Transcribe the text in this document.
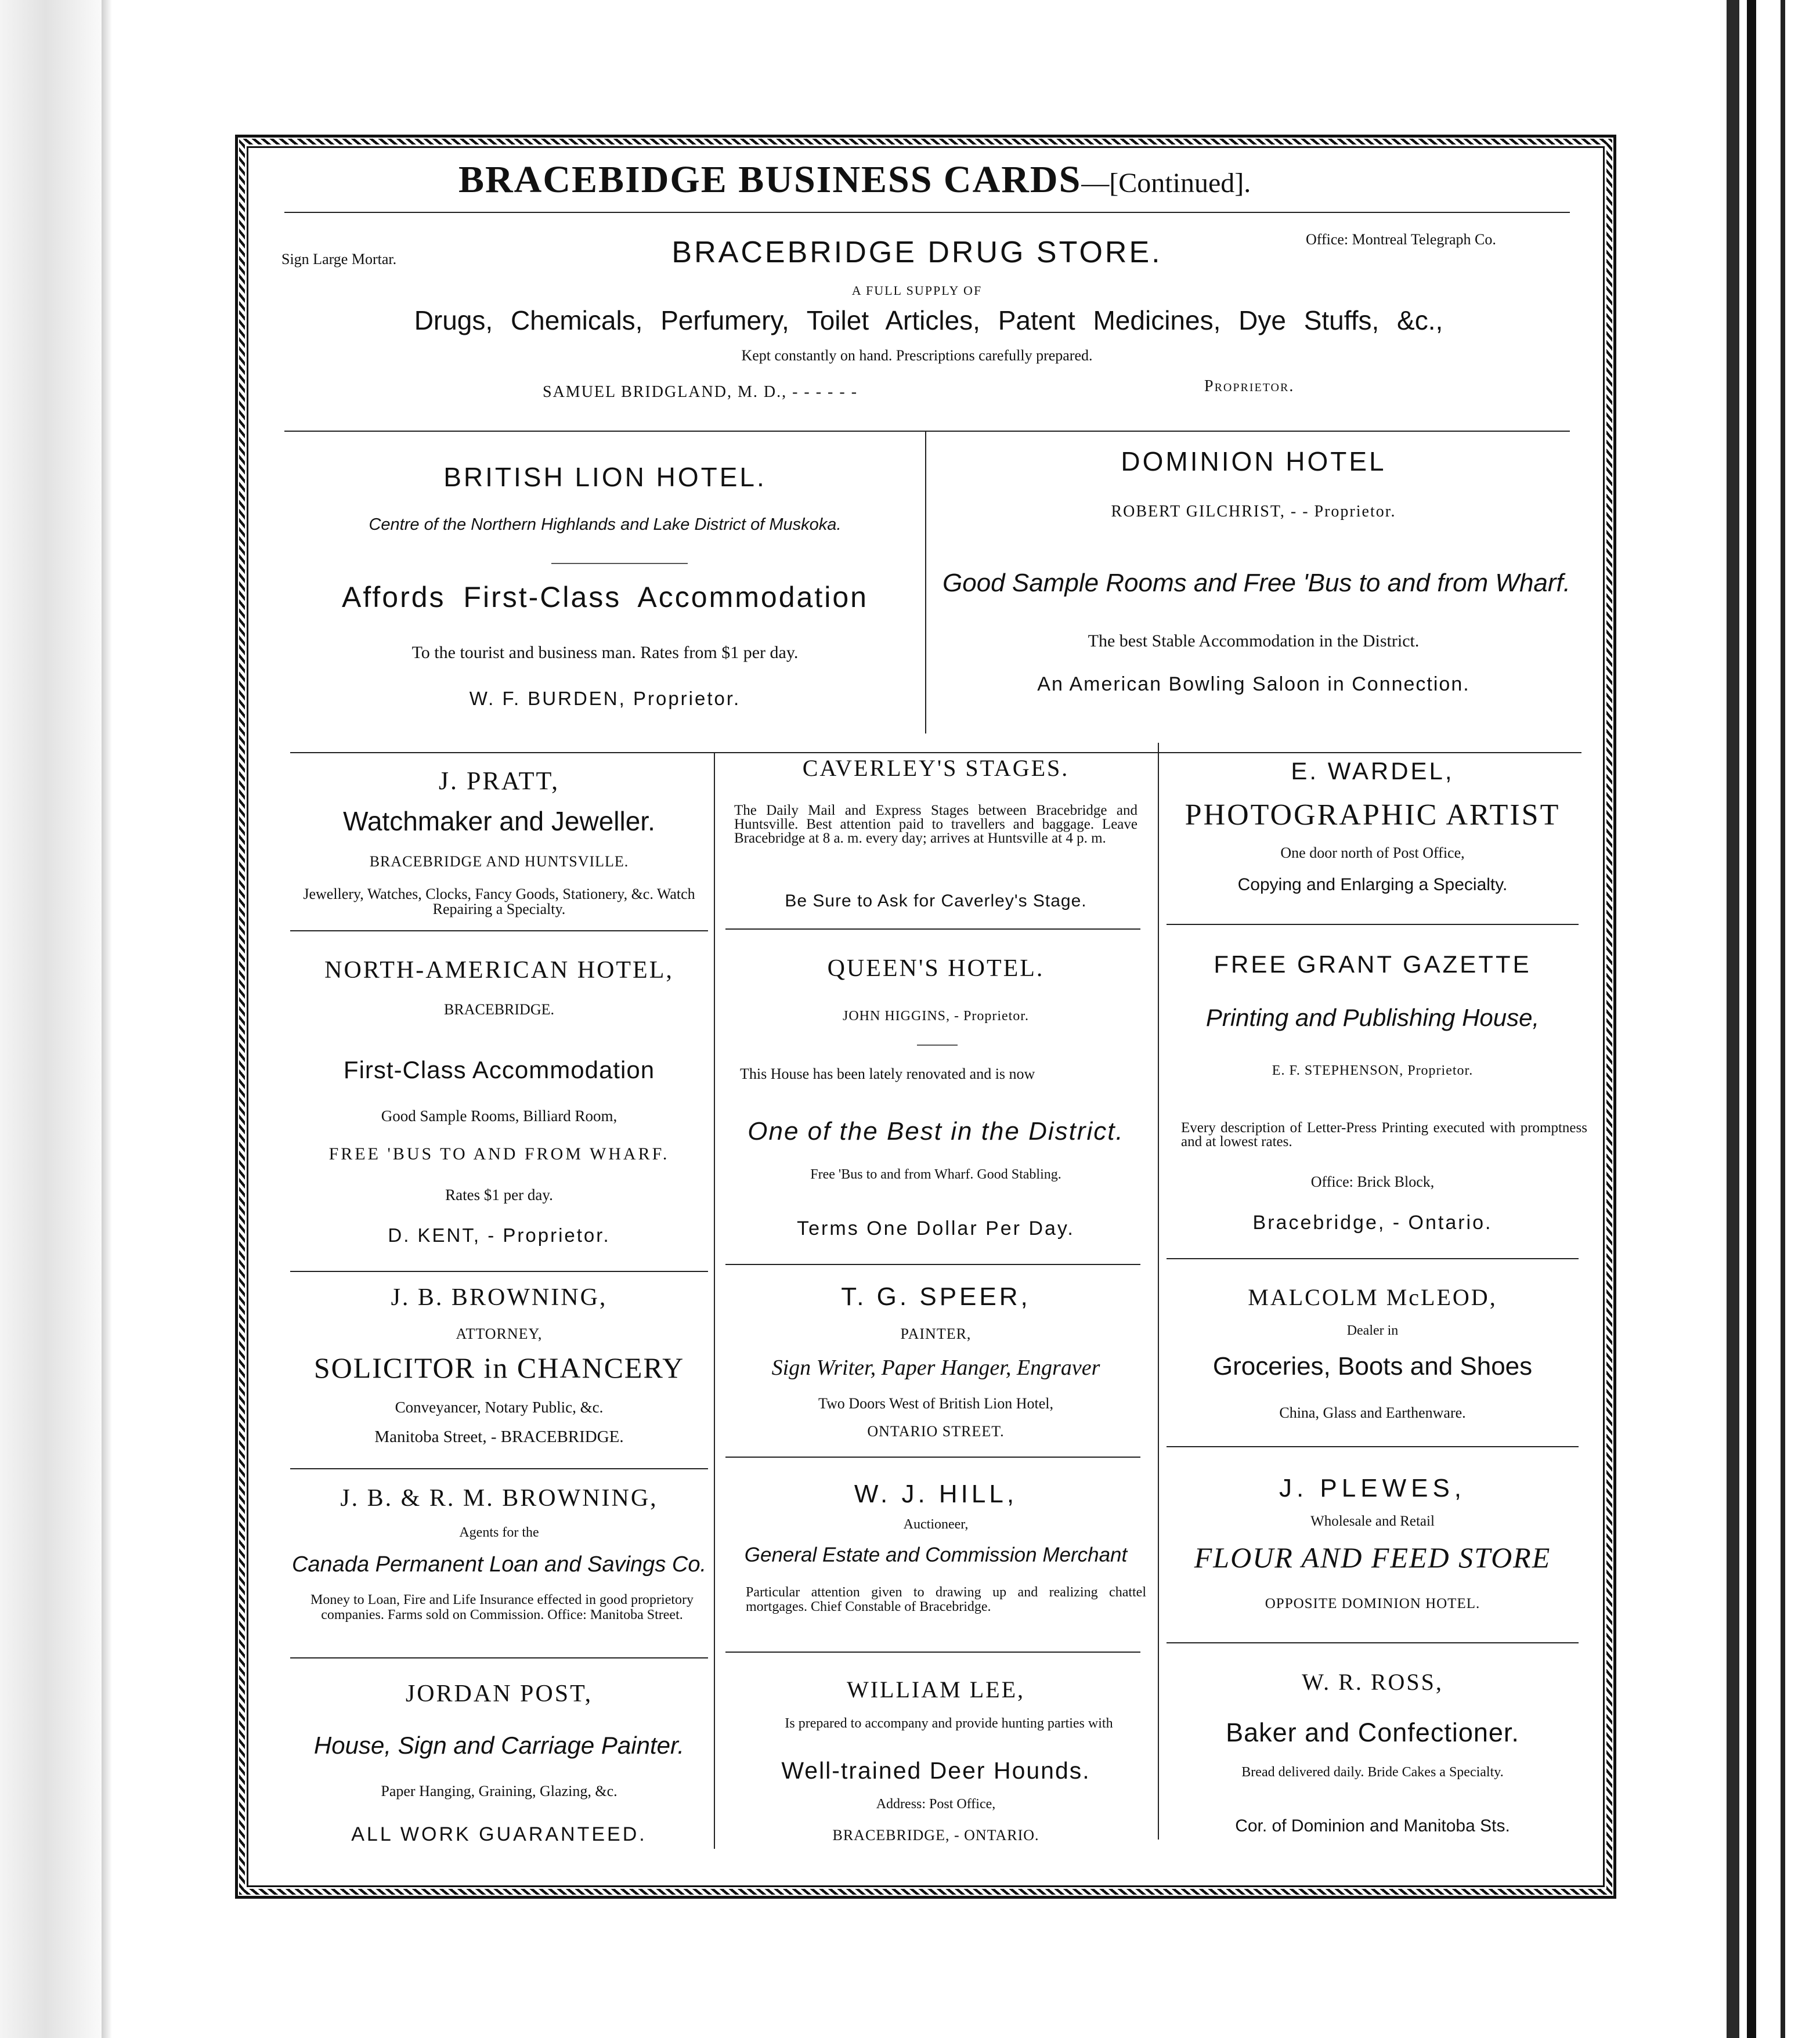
BRACEBIDGE BUSINESS CARDS—[Continued].
Sign Large Mortar.
Office: Montreal Telegraph Co.
BRACEBRIDGE DRUG STORE.
A FULL SUPPLY OF
Drugs, Chemicals, Perfumery, Toilet Articles, Patent Medicines, Dye Stuffs, &c.,
Kept constantly on hand. Prescriptions carefully prepared.
SAMUEL BRIDGLAND, M. D., - - - - - -	Proprietor.
BRITISH LION HOTEL.
Centre of the Northern Highlands and Lake District of Muskoka.
Affords First-Class Accommodation
To the tourist and business man. Rates from $1 per day.
W. F. BURDEN, Proprietor.
DOMINION HOTEL
ROBERT GILCHRIST, - - Proprietor.
Good Sample Rooms and Free 'Bus to and from Wharf.
The best Stable Accommodation in the District.
An American Bowling Saloon in Connection.
J. PRATT,
Watchmaker and Jeweller.
BRACEBRIDGE AND HUNTSVILLE.
Jewellery, Watches, Clocks, Fancy Goods, Stationery, &c. Watch Repairing a Specialty.
NORTH-AMERICAN HOTEL,
BRACEBRIDGE.
First-Class Accommodation
Good Sample Rooms, Billiard Room,
FREE 'BUS TO AND FROM WHARF.
Rates $1 per day.
D. KENT, - Proprietor.
J. B. BROWNING,
ATTORNEY,
SOLICITOR in CHANCERY
Conveyancer, Notary Public, &c.
Manitoba Street, - BRACEBRIDGE.
J. B. & R. M. BROWNING,
Agents for the
Canada Permanent Loan and Savings Co.
Money to Loan, Fire and Life Insurance effected in good proprietory companies. Farms sold on Commission. Office: Manitoba Street.
JORDAN POST,
House, Sign and Carriage Painter.
Paper Hanging, Graining, Glazing, &c.
ALL WORK GUARANTEED.
CAVERLEY'S STAGES.
The Daily Mail and Express Stages between Bracebridge and Huntsville. Best attention paid to travellers and baggage. Leave Bracebridge at 8 a. m. every day; arrives at Huntsville at 4 p. m.
Be Sure to Ask for Caverley's Stage.
QUEEN'S HOTEL.
JOHN HIGGINS, - Proprietor.
This House has been lately renovated and is now
One of the Best in the District.
Free 'Bus to and from Wharf. Good Stabling.
Terms One Dollar Per Day.
T. G. SPEER,
PAINTER,
Sign Writer, Paper Hanger, Engraver
Two Doors West of British Lion Hotel,
ONTARIO STREET.
W. J. HILL,
Auctioneer,
General Estate and Commission Merchant
Particular attention given to drawing up and realizing chattel mortgages. Chief Constable of Bracebridge.
WILLIAM LEE,
Is prepared to accompany and provide hunting parties with
Well-trained Deer Hounds.
Address: Post Office,
BRACEBRIDGE, - ONTARIO.
E. WARDEL,
PHOTOGRAPHIC ARTIST
One door north of Post Office,
Copying and Enlarging a Specialty.
FREE GRANT GAZETTE
Printing and Publishing House,
E. F. STEPHENSON, Proprietor.
Every description of Letter-Press Printing executed with promptness and at lowest rates.
Office: Brick Block,
Bracebridge, - Ontario.
MALCOLM McLEOD,
Dealer in
Groceries, Boots and Shoes
China, Glass and Earthenware.
J. PLEWES,
Wholesale and Retail
FLOUR AND FEED STORE
OPPOSITE DOMINION HOTEL.
W. R. ROSS,
Baker and Confectioner.
Bread delivered daily. Bride Cakes a Specialty.
Cor. of Dominion and Manitoba Sts.
